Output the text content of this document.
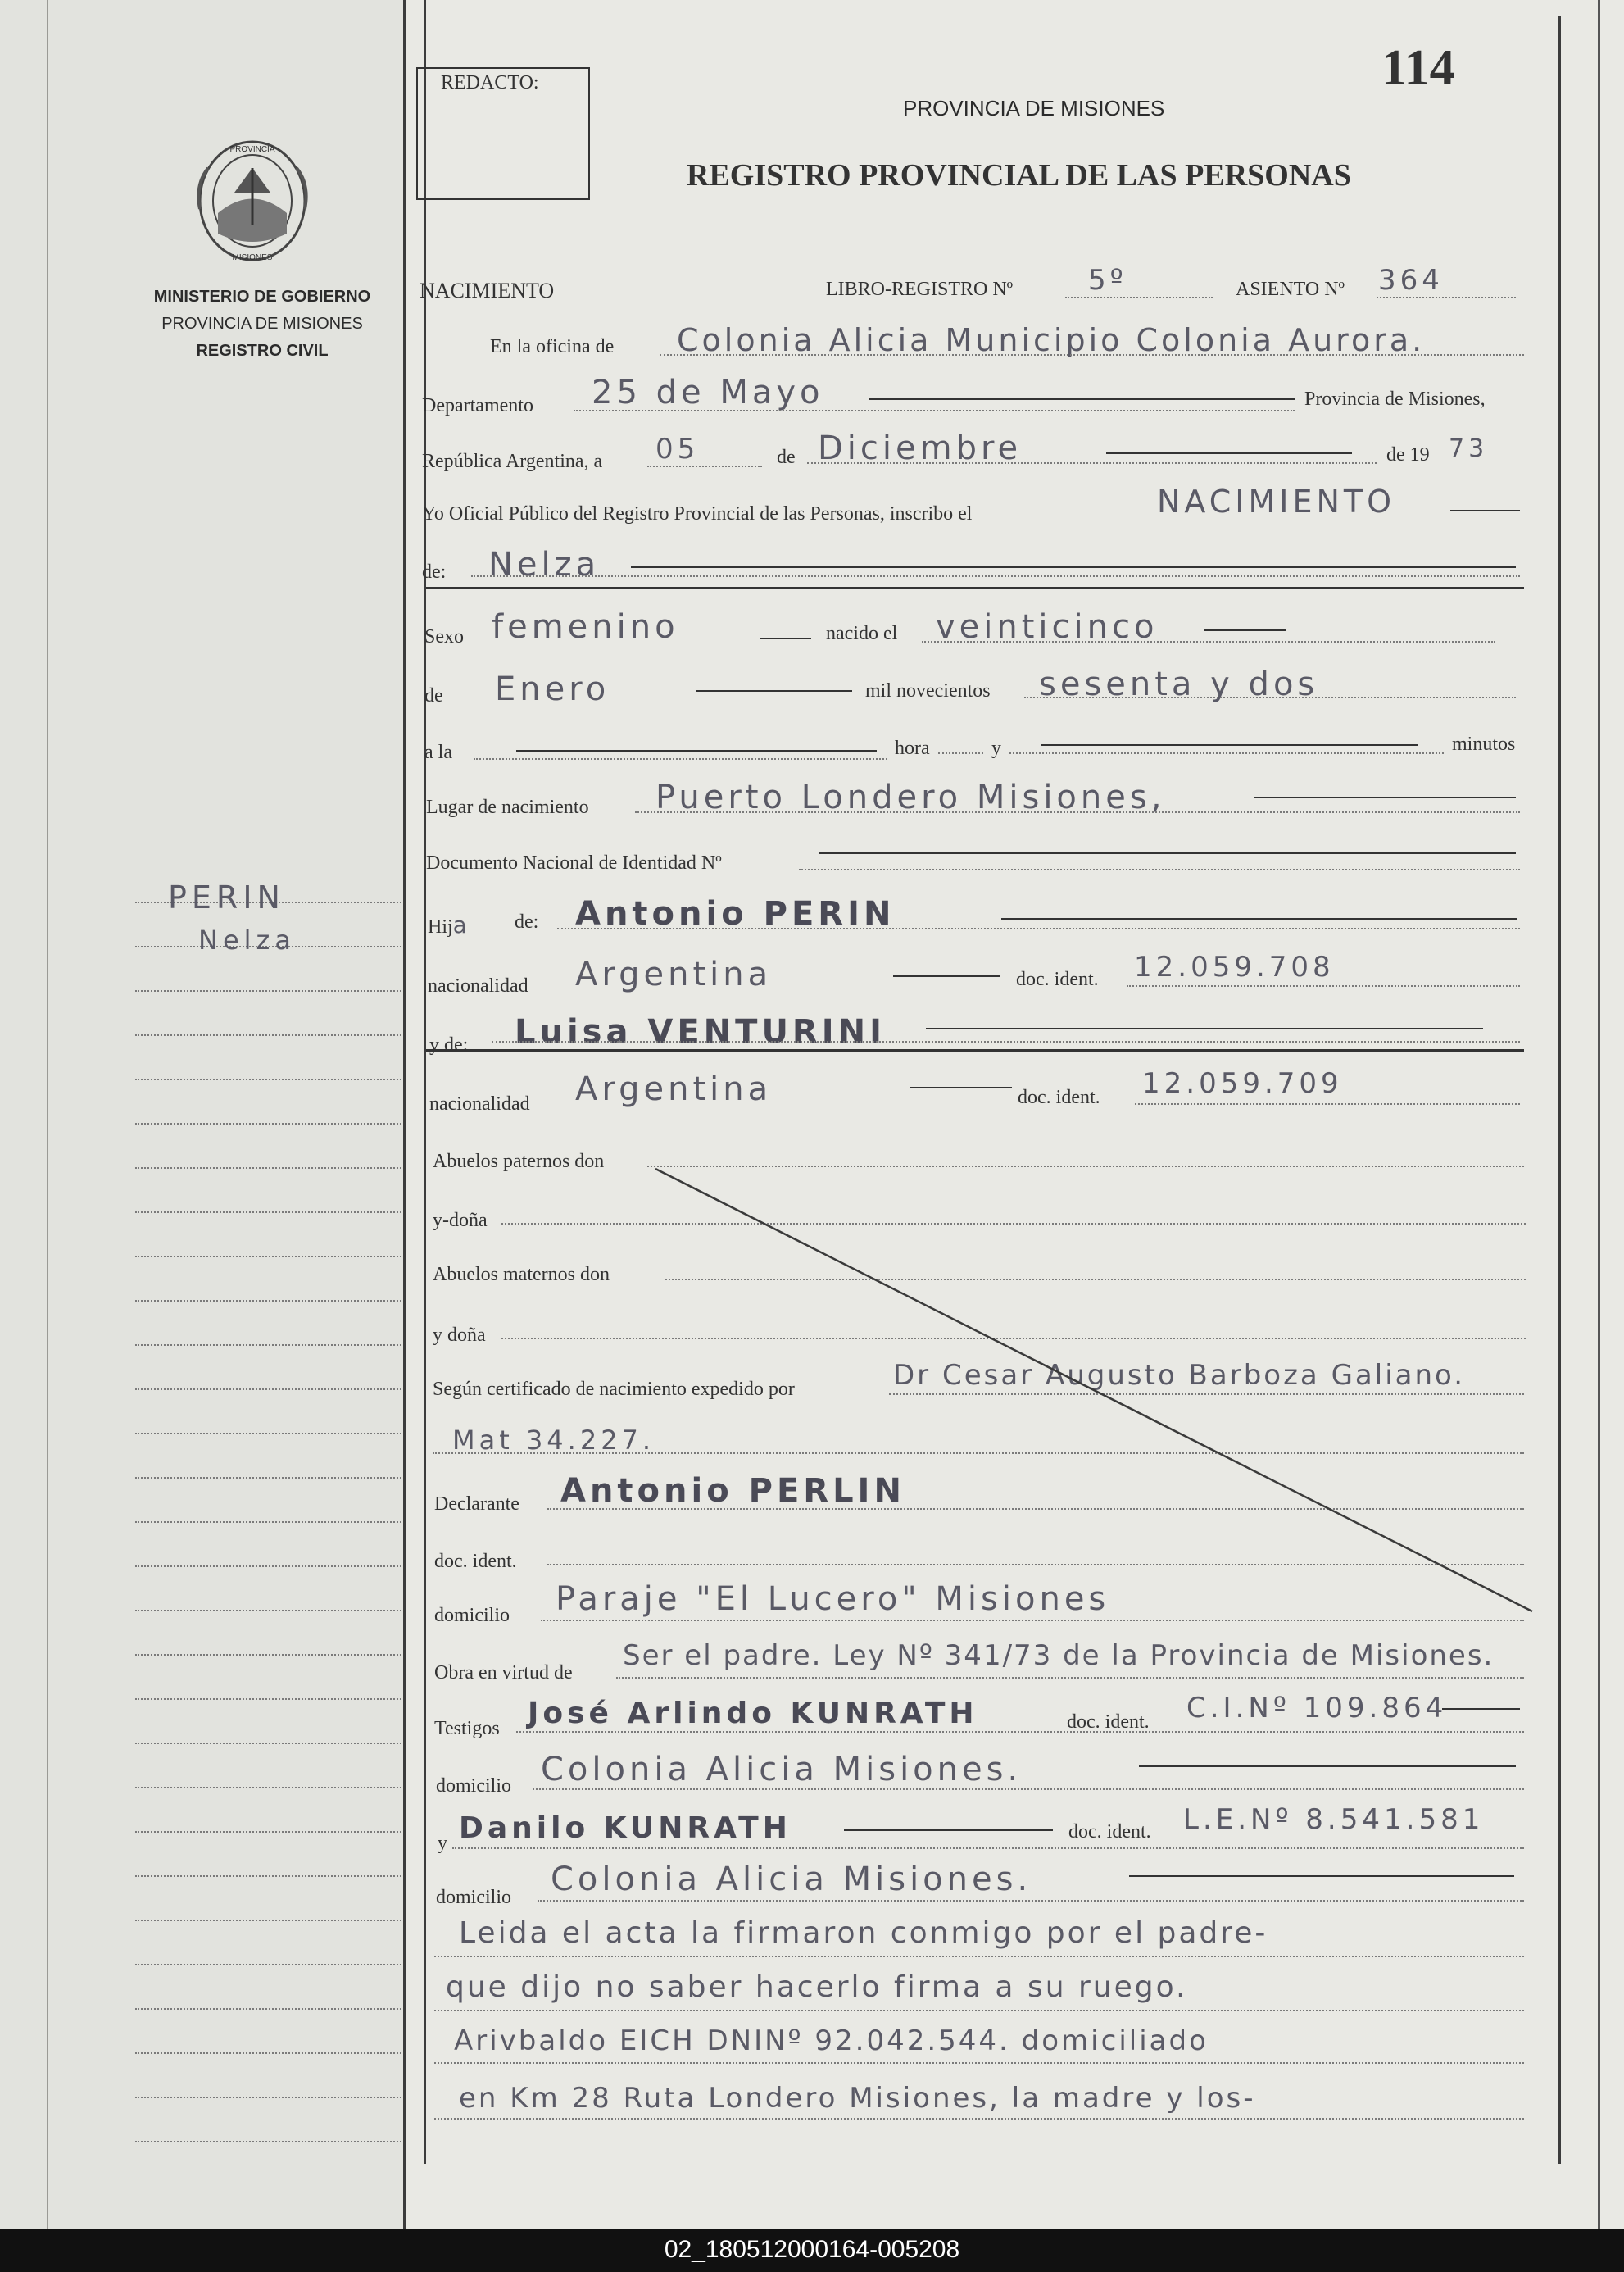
REDACTO:	114
PROVINCIA DE MISIONES
REGISTRO PROVINCIAL DE LAS PERSONAS
PROVINCIA
MISIONES
MINISTERIO DE GOBIERNO
PROVINCIA DE MISIONES
REGISTRO CIVIL
PERIN
Nelza
NACIMIENTO	LIBRO-REGISTRO Nº	5º	ASIENTO Nº 364
En la oficina de Colonia Alicia Municipio Colonia Aurora.
Departamento 25 de Mayo	Provincia de Misiones,
República Argentina, a 05	de Diciembre	de 19 73
Yo Oficial Público del Registro Provincial de las Personas, inscribo el	NACIMIENTO
de: Nelza
Sexo femenino	nacido el veinticinco
de Enero	mil novecientos sesenta y dos
a la	hora	y	minutos
Lugar de nacimiento Puerto Londero Misiones,
Documento Nacional de Identidad Nº
Hija de: Antonio PERIN
nacionalidad Argentina	doc. ident. 12.059.708
y de: Luisa VENTURINI
nacionalidad Argentina	doc. ident. 12.059.709
Abuelos paternos don
y-doña
Abuelos maternos don
y doña
Según certificado de nacimiento expedido por	Dr Cesar Augusto Barboza Galiano.
Mat 34.227.
Declarante Antonio PERLIN
doc. ident.
domicilio Paraje "El Lucero" Misiones
Obra en virtud de
Ser el padre. Ley Nº 341/73 de la Provincia de Misiones.
Testigos José Arlindo KUNRATH	doc. ident. C.I.Nº 109.864
domicilio Colonia Alicia Misiones.
y Danilo KUNRATH	doc. ident. L.E.Nº 8.541.581
domicilio Colonia Alicia Misiones.
Leida el acta la firmaron conmigo por el padre-
que dijo no saber hacerlo firma a su ruego.
Arivbaldo EICH DNINº 92.042.544. domiciliado
en Km 28 Ruta Londero Misiones, la madre y los-
02_180512000164-005208
